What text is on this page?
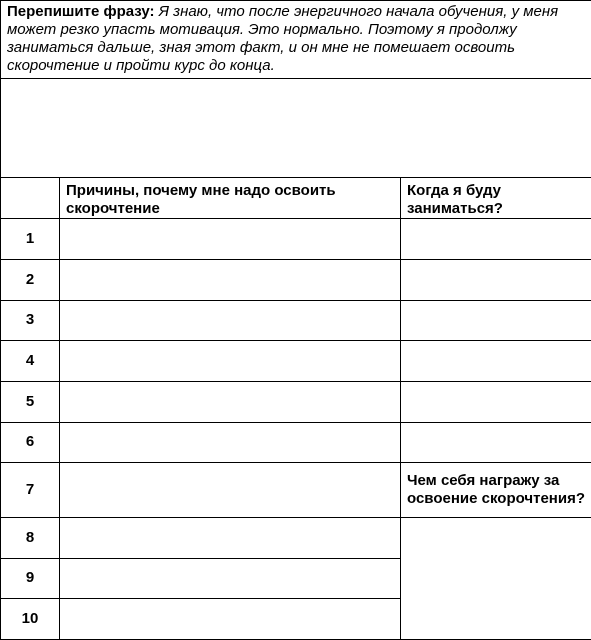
Перепишите фразу: Я знаю, что после энергичного начала обучения, у меня может резко упасть мотивация. Это нормально. Поэтому я продолжу заниматься дальше, зная этот факт, и он мне не помешает освоить скорочтение и пройти курс до конца.		

	Причины, почему мне надо освоить скорочтение	Когда я буду заниматься?
1		
2		
3		
4		
5		
6		
7		Чем себя награжу за освоение скорочтения?
8		
9		
10		
